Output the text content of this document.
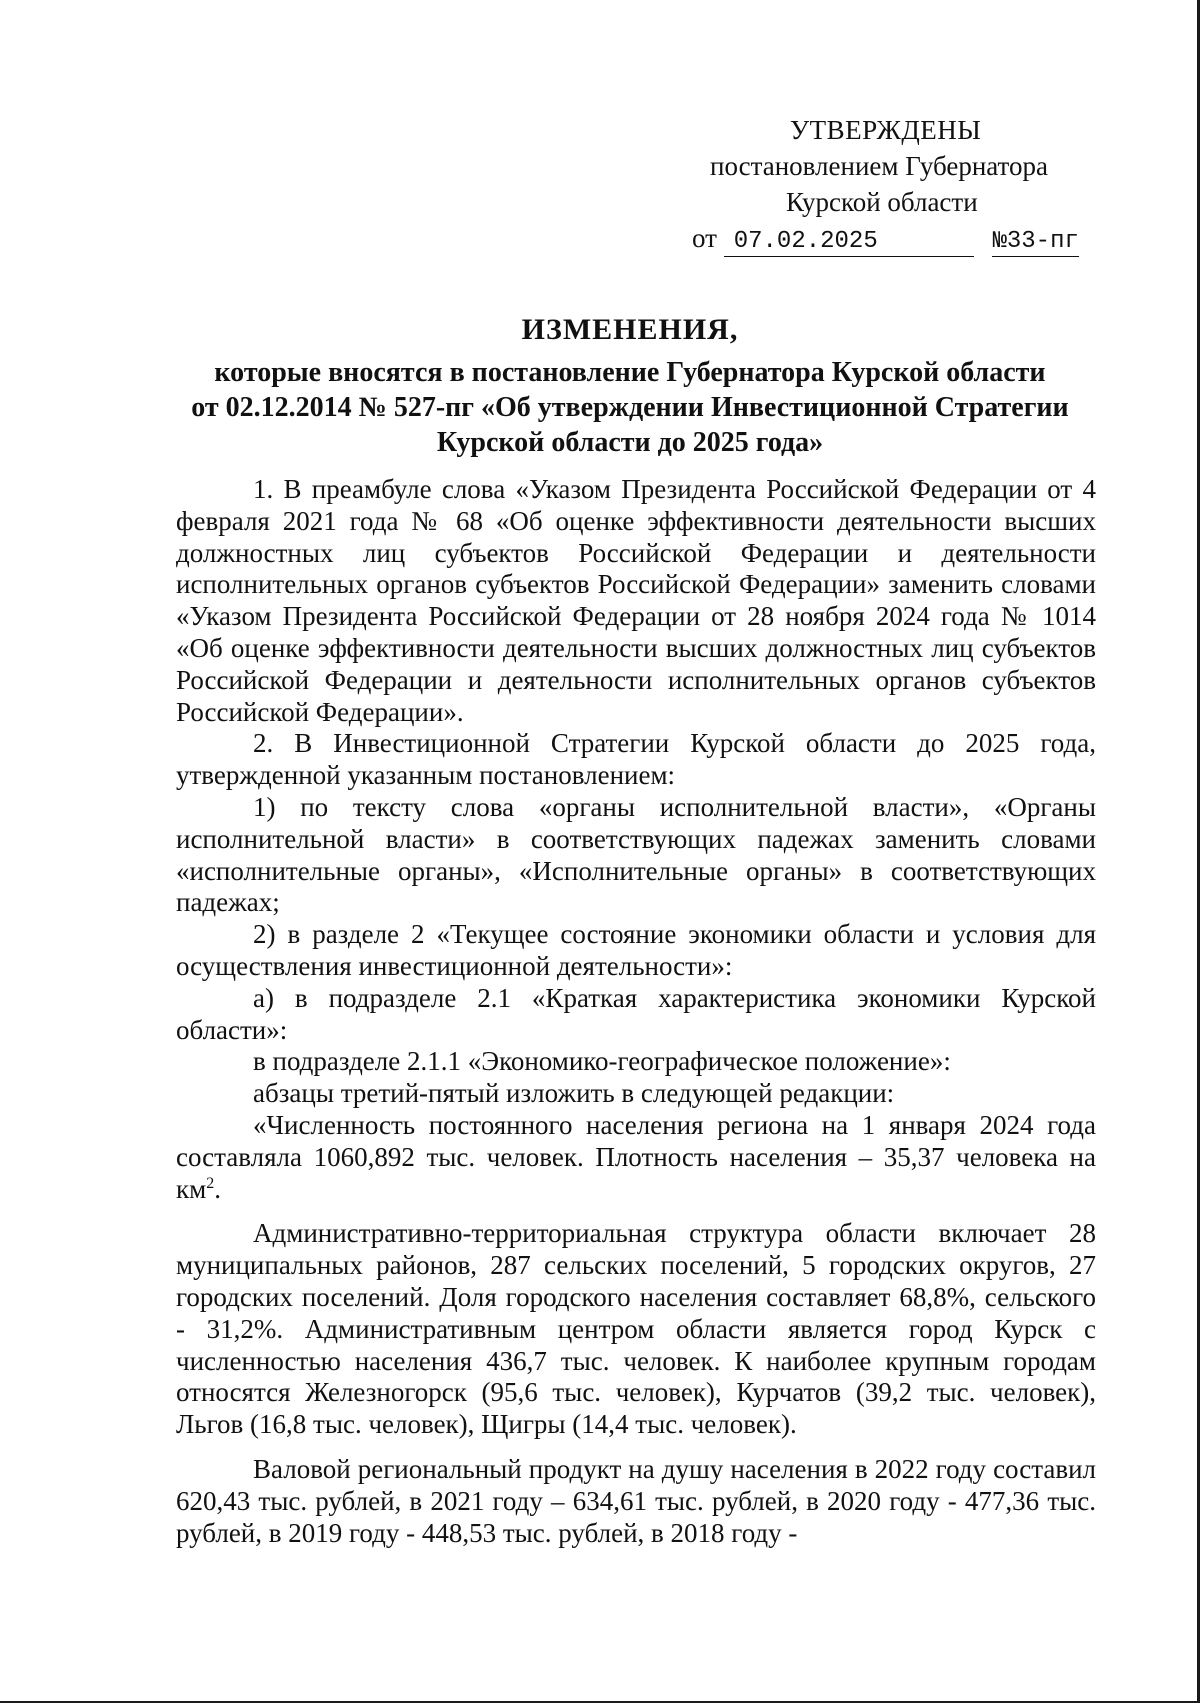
УТВЕРЖДЕНЫ
постановлением Губернатора
Курской области
от 07.02.2025	№33-пг
ИЗМЕНЕНИЯ,
которые вносятся в постановление Губернатора Курской области
от 02.12.2014 № 527-пг «Об утверждении Инвестиционной Стратегии
Курской области до 2025 года»

1. В преамбуле слова «Указом Президента Российской Федерации от 4 февраля 2021 года № 68 «Об оценке эффективности деятельности высших должностных лиц субъектов Российской Федерации и деятельности исполнительных органов субъектов Российской Федерации» заменить словами «Указом Президента Российской Федерации от 28 ноября 2024 года № 1014 «Об оценке эффективности деятельности высших должностных лиц субъектов Российской Федерации и деятельности исполнительных органов субъектов Российской Федерации».

2. В Инвестиционной Стратегии Курской области до 2025 года, утвержденной указанным постановлением:

1) по тексту слова «органы исполнительной власти», «Органы исполнительной власти» в соответствующих падежах заменить словами «исполнительные органы», «Исполнительные органы» в соответствующих падежах;

2) в разделе 2 «Текущее состояние экономики области и условия для осуществления инвестиционной деятельности»:

а) в подразделе 2.1 «Краткая характеристика экономики Курской области»:

в подразделе 2.1.1 «Экономико-географическое положение»:

абзацы третий-пятый изложить в следующей редакции:

«Численность постоянного населения региона на 1 января 2024 года составляла 1060,892 тыс. человек. Плотность населения – 35,37 человека на $км^2$.

Административно-территориальная структура области включает 28 муниципальных районов, 287 сельских поселений, 5 городских округов, 27 городских поселений. Доля городского населения составляет 68,8%, сельского - 31,2%. Административным центром области является город Курск с численностью населения 436,7 тыс. человек. К наиболее крупным городам относятся Железногорск (95,6 тыс. человек), Курчатов (39,2 тыс. человек), Льгов (16,8 тыс. человек), Щигры (14,4 тыс. человек).

Валовой региональный продукт на душу населения в 2022 году составил 620,43 тыс. рублей, в 2021 году – 634,61 тыс. рублей, в 2020 году - 477,36 тыс. рублей, в 2019 году - 448,53 тыс. рублей, в 2018 году -
